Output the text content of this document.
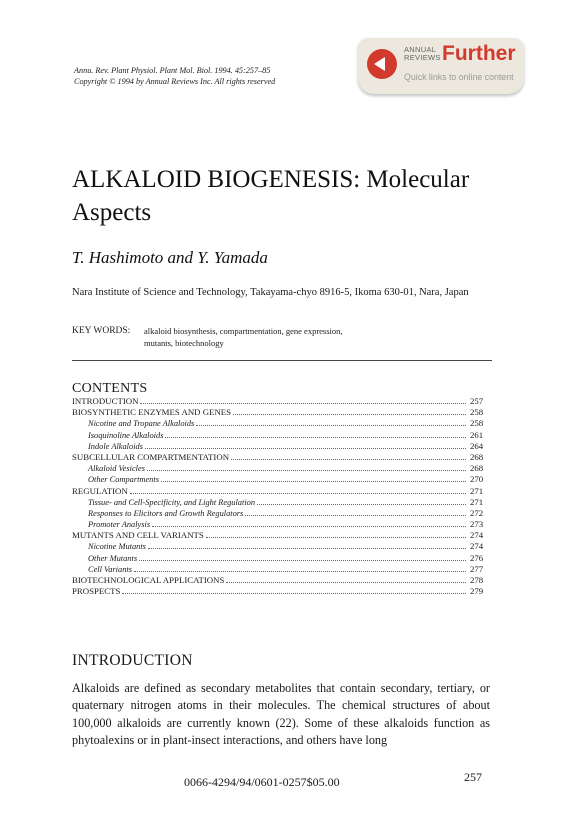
Annu. Rev. Plant Physiol. Plant Mol. Biol. 1994. 45:257–85
Copyright © 1994 by Annual Reviews Inc. All rights reserved
ANNUAL
REVIEWS Further
Quick links to online content
ALKALOID BIOGENESIS: Molecular Aspects
T. Hashimoto and Y. Yamada
Nara Institute of Science and Technology, Takayama-chyo 8916-5, Ikoma 630-01, Nara, Japan
KEY WORDS:	alkaloid biosynthesis, compartmentation, gene expression, mutants, biotechnology
CONTENTS
INTRODUCTION	257
BIOSYNTHETIC ENZYMES AND GENES	258
Nicotine and Tropane Alkaloids	258
Isoquinoline Alkaloids	261
Indole Alkaloids	264
SUBCELLULAR COMPARTMENTATION	268
Alkaloid Vesicles	268
Other Compartments	270
REGULATION	271
Tissue- and Cell-Specificity, and Light Regulation	271
Responses to Elicitors and Growth Regulators	272
Promoter Analysis	273
MUTANTS AND CELL VARIANTS	274
Nicotine Mutants	274
Other Mutants	276
Cell Variants	277
BIOTECHNOLOGICAL APPLICATIONS	278
PROSPECTS	279
INTRODUCTION

Alkaloids are defined as secondary metabolites that contain secondary, tertiary, or quaternary nitrogen atoms in their molecules. The chemical structures of about 100,000 alkaloids are currently known (22). Some of these alkaloids function as phytoalexins or in plant-insect interactions, and others have long

0066-4294/94/0601-0257$05.00	257
